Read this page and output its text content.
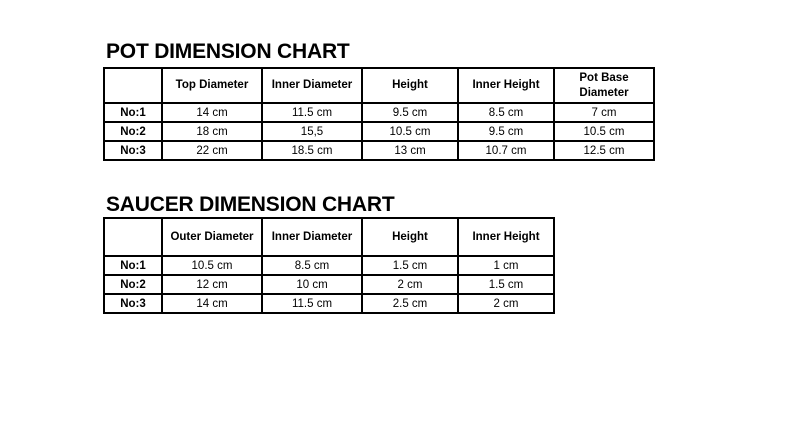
POT DIMENSION CHART
	Top Diameter	Inner Diameter	Height	Inner Height	Pot Base Diameter
No:1	14 cm	11.5 cm	9.5 cm	8.5 cm	7 cm
No:2	18 cm	15,5	10.5 cm	9.5 cm	10.5 cm
No:3	22 cm	18.5 cm	13 cm	10.7 cm	12.5 cm
SAUCER DIMENSION CHART
	Outer Diameter	Inner Diameter	Height	Inner Height
No:1	10.5 cm	8.5 cm	1.5 cm	1 cm
No:2	12 cm	10 cm	2 cm	1.5 cm
No:3	14 cm	11.5 cm	2.5 cm	2 cm
